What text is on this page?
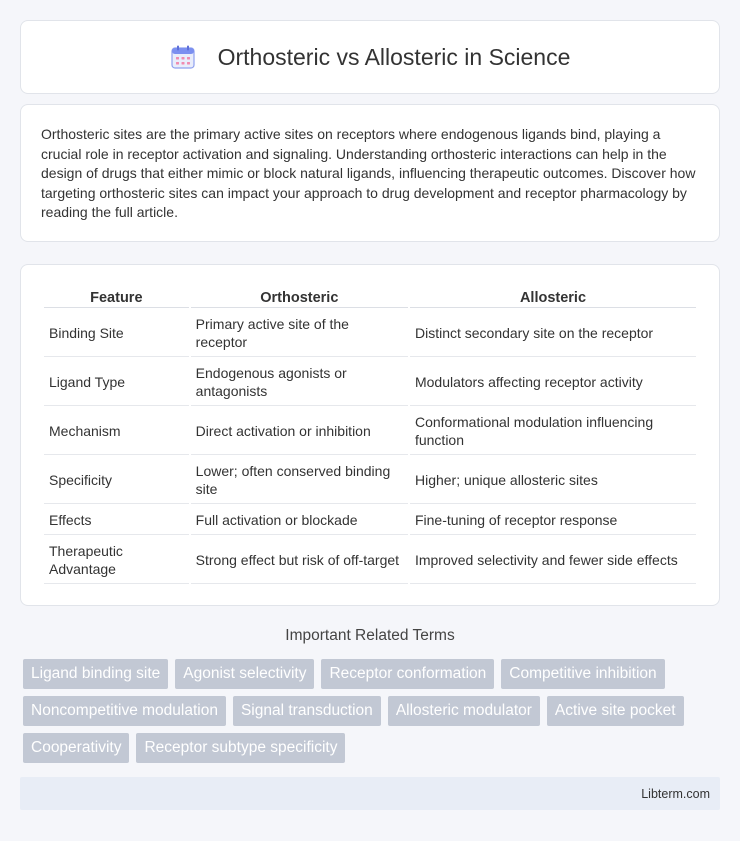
Orthosteric vs Allosteric in Science

Orthosteric sites are the primary active sites on receptors where endogenous ligands bind, playing a crucial role in receptor activation and signaling. Understanding orthosteric interactions can help in the design of drugs that either mimic or block natural ligands, influencing therapeutic outcomes. Discover how targeting orthosteric sites can impact your approach to drug development and receptor pharmacology by reading the full article.

Feature	Orthosteric	Allosteric
Binding Site	Primary active site of the receptor	Distinct secondary site on the receptor
Ligand Type	Endogenous agonists or antagonists	Modulators affecting receptor activity
Mechanism	Direct activation or inhibition	Conformational modulation influencing function
Specificity	Lower; often conserved binding site	Higher; unique allosteric sites
Effects	Full activation or blockade	Fine-tuning of receptor response
Therapeutic Advantage	Strong effect but risk of off-target	Improved selectivity and fewer side effects
Important Related Terms
Ligand binding site	Agonist selectivity	Receptor conformation	Competitive inhibition
Noncompetitive modulation	Signal transduction	Allosteric modulator	Active site pocket
Cooperativity	Receptor subtype specificity
Libterm.com
